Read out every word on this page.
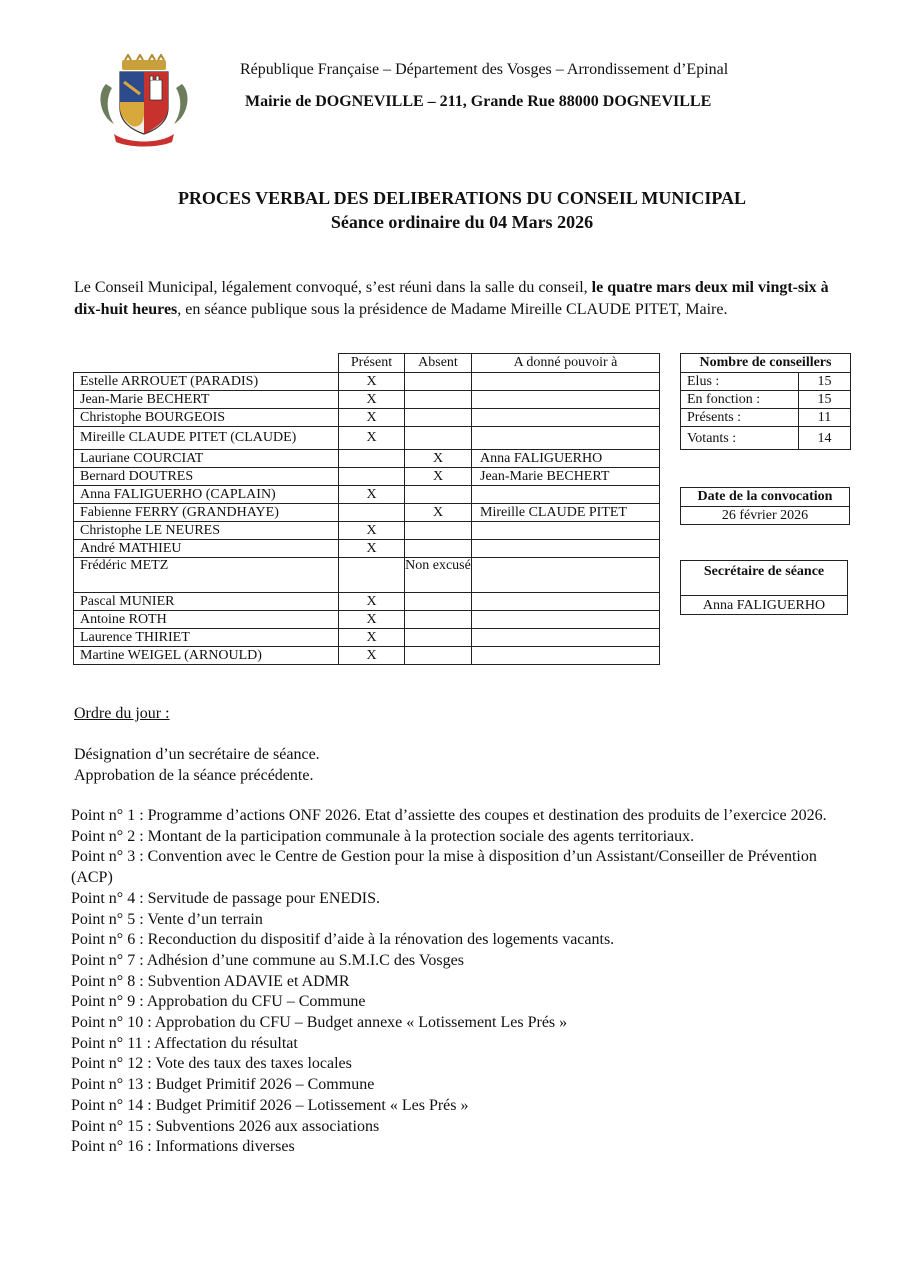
République Française – Département des Vosges – Arrondissement d’Epinal
Mairie de DOGNEVILLE – 211, Grande Rue 88000 DOGNEVILLE
PROCES VERBAL DES DELIBERATIONS DU CONSEIL MUNICIPAL
Séance ordinaire du 04 Mars 2026
Le Conseil Municipal, légalement convoqué, s’est réuni dans la salle du conseil, le quatre mars deux mil vingt-six à dix-huit heures, en séance publique sous la présidence de Madame Mireille CLAUDE PITET, Maire.
	Présent	Absent	A donné pouvoir à
Estelle ARROUET (PARADIS)	X		
Jean-Marie BECHERT	X		
Christophe BOURGEOIS	X		
Mireille CLAUDE PITET (CLAUDE)	X		
Lauriane COURCIAT		X	Anna FALIGUERHO
Bernard DOUTRES		X	Jean-Marie BECHERT
Anna FALIGUERHO (CAPLAIN)	X		
Fabienne FERRY (GRANDHAYE)		X	Mireille CLAUDE PITET
Christophe LE NEURES	X		
André MATHIEU	X		
Frédéric METZ		Non excusé	
Pascal MUNIER	X		
Antoine ROTH	X		
Laurence THIRIET	X		
Martine WEIGEL (ARNOULD)	X		
Nombre de conseillers	
Elus :	15
En fonction :	15
Présents :	11
Votants :	14
Date de la convocation
26 février 2026
Secrétaire de séance
Anna FALIGUERHO
Ordre du jour :
Désignation d’un secrétaire de séance.
Approbation de la séance précédente.
Point n° 1 : Programme d’actions ONF 2026. Etat d’assiette des coupes et destination des produits de l’exercice 2026.
Point n° 2 : Montant de la participation communale à la protection sociale des agents territoriaux.
Point n° 3 : Convention avec le Centre de Gestion pour la mise à disposition d’un Assistant/Conseiller de Prévention (ACP)
Point n° 4 : Servitude de passage pour ENEDIS.
Point n° 5 : Vente d’un terrain
Point n° 6 : Reconduction du dispositif d’aide à la rénovation des logements vacants.
Point n° 7 : Adhésion d’une commune au S.M.I.C des Vosges
Point n° 8 : Subvention ADAVIE et ADMR
Point n° 9 : Approbation du CFU – Commune
Point n° 10 : Approbation du CFU – Budget annexe « Lotissement Les Prés »
Point n° 11 : Affectation du résultat
Point n° 12 : Vote des taux des taxes locales
Point n° 13 : Budget Primitif 2026 – Commune
Point n° 14 : Budget Primitif 2026 – Lotissement « Les Prés »
Point n° 15 : Subventions 2026 aux associations
Point n° 16 : Informations diverses
